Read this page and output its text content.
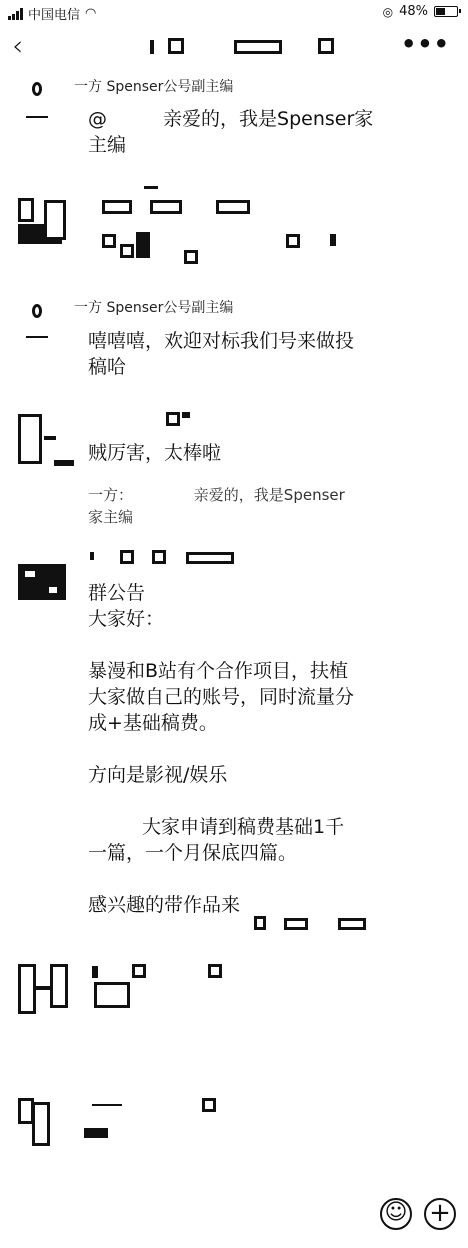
中国电信 ◠	◎ 48%
‹	•••
一方 Spenser公号副主编
@	亲爱的，我是Spenser家
主编
一方 Spenser公号副主编
嘻嘻嘻，欢迎对标我们号来做投
稿哈
贼厉害，太棒啦
一方：	亲爱的，我是Spenser
家主编
群公告
大家好：

暴漫和B站有个合作项目，扶植
大家做自己的账号，同时流量分
成+基础稿费。

方向是影视/娱乐

大家申请到稿费基础1千
一篇，一个月保底四篇。

感兴趣的带作品来
☺ +
